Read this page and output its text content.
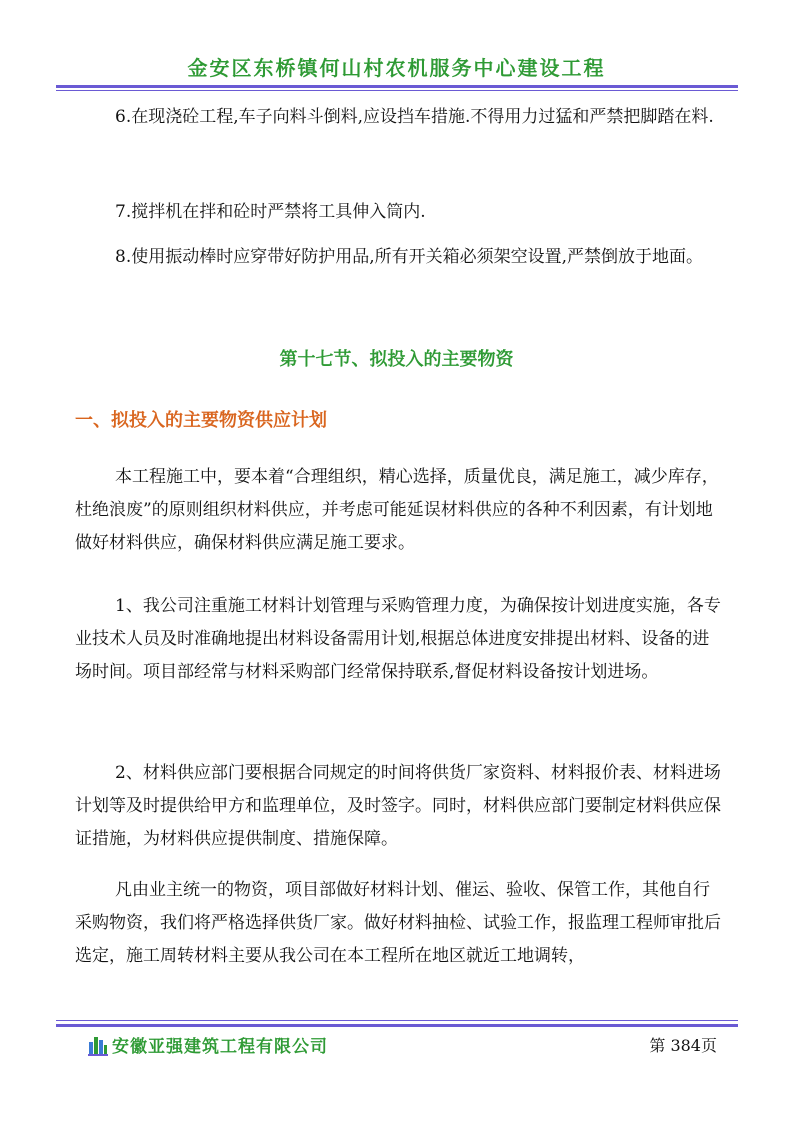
金安区东桥镇何山村农机服务中心建设工程

6.在现浇砼工程,车子向料斗倒料,应设挡车措施.不得用力过猛和严禁把脚踏在料.

7.搅拌机在拌和砼时严禁将工具伸入筒内.

8.使用振动棒时应穿带好防护用品,所有开关箱必须架空设置,严禁倒放于地面。

第十七节、拟投入的主要物资
一、拟投入的主要物资供应计划

本工程施工中，要本着“合理组织，精心选择，质量优良，满足施工，减少库存，杜绝浪废”的原则组织材料供应，并考虑可能延误材料供应的各种不利因素，有计划地做好材料供应，确保材料供应满足施工要求。

1、我公司注重施工材料计划管理与采购管理力度，为确保按计划进度实施，各专业技术人员及时准确地提出材料设备需用计划,根据总体进度安排提出材料、设备的进场时间。项目部经常与材料采购部门经常保持联系,督促材料设备按计划进场。

2、材料供应部门要根据合同规定的时间将供货厂家资料、材料报价表、材料进场计划等及时提供给甲方和监理单位，及时签字。同时，材料供应部门要制定材料供应保证措施，为材料供应提供制度、措施保障。

凡由业主统一的物资，项目部做好材料计划、催运、验收、保管工作，其他自行采购物资，我们将严格选择供货厂家。做好材料抽检、试验工作，报监理工程师审批后选定，施工周转材料主要从我公司在本工程所在地区就近工地调转，

安徽亚强建筑工程有限公司	第 384页
